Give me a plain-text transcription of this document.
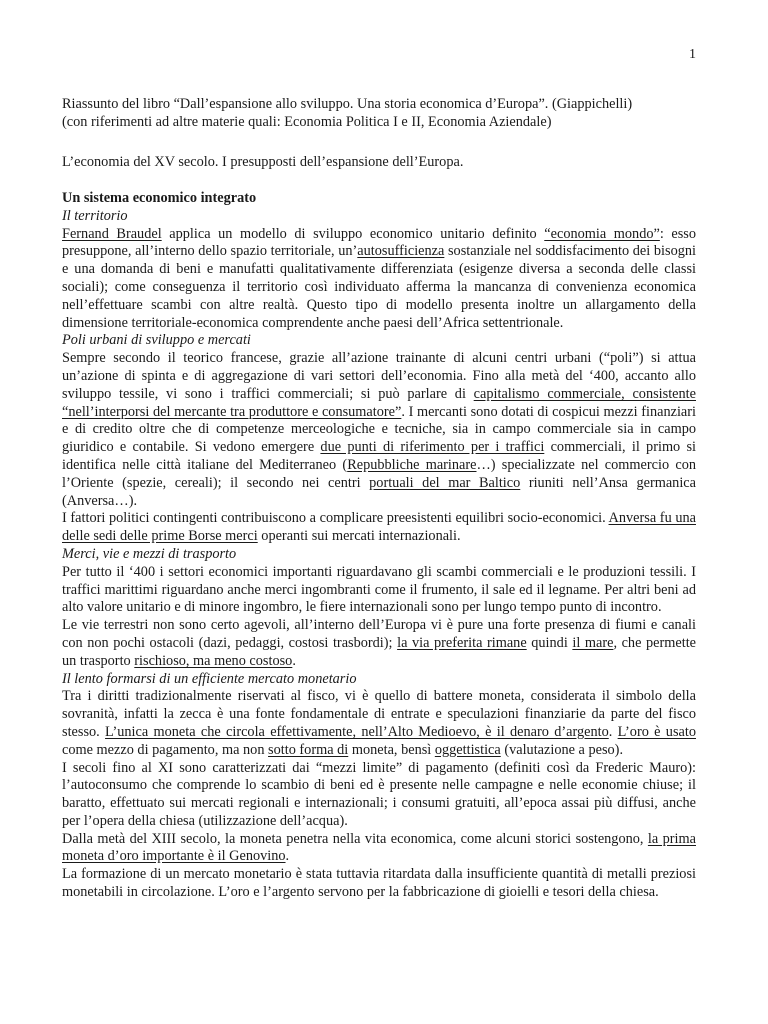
1
Riassunto del libro “Dall’espansione allo sviluppo. Una storia economica d’Europa”. (Giappichelli)
(con riferimenti ad altre materie quali: Economia Politica I e II, Economia Aziendale)
L’economia del XV secolo. I presupposti dell’espansione dell’Europa.
Un sistema economico integrato
Il territorio

Fernand Braudel applica un modello di sviluppo economico unitario definito “economia mondo”: esso presuppone, all’interno dello spazio territoriale, un’autosufficienza sostanziale nel soddisfacimento dei bisogni e una domanda di beni e manufatti qualitativamente differenziata (esigenze diversa a seconda delle classi sociali); come conseguenza il territorio così individuato afferma la mancanza di convenienza economica nell’effettuare scambi con altre realtà. Questo tipo di modello presenta inoltre un allargamento della dimensione territoriale-economica comprendente anche paesi dell’Africa settentrionale.

Poli urbani di sviluppo e mercati

Sempre secondo il teorico francese, grazie all’azione trainante di alcuni centri urbani (“poli”) si attua un’azione di spinta e di aggregazione di vari settori dell’economia. Fino alla metà del ‘400, accanto allo sviluppo tessile, vi sono i traffici commerciali; si può parlare di capitalismo commerciale, consistente “nell’interporsi del mercante tra produttore e consumatore”. I mercanti sono dotati di cospicui mezzi finanziari e di credito oltre che di competenze merceologiche e tecniche, sia in campo commerciale sia in campo giuridico e contabile. Si vedono emergere due punti di riferimento per i traffici commerciali, il primo si identifica nelle città italiane del Mediterraneo (Repubbliche marinare…) specializzate nel commercio con l’Oriente (spezie, cereali); il secondo nei centri portuali del mar Baltico riuniti nell’Ansa germanica (Anversa…).

I fattori politici contingenti contribuiscono a complicare preesistenti equilibri socio-economici. Anversa fu una delle sedi delle prime Borse merci operanti sui mercati internazionali.

Merci, vie e mezzi di trasporto

Per tutto il ‘400 i settori economici importanti riguardavano gli scambi commerciali e le produzioni tessili. I traffici marittimi riguardano anche merci ingombranti come il frumento, il sale ed il legname. Per altri beni ad alto valore unitario e di minore ingombro, le fiere internazionali sono per lungo tempo punto di incontro.

Le vie terrestri non sono certo agevoli, all’interno dell’Europa vi è pure una forte presenza di fiumi e canali con non pochi ostacoli (dazi, pedaggi, costosi trasbordi); la via preferita rimane quindi il mare, che permette un trasporto rischioso, ma meno costoso.

Il lento formarsi di un efficiente mercato monetario

Tra i diritti tradizionalmente riservati al fisco, vi è quello di battere moneta, considerata il simbolo della sovranità, infatti la zecca è una fonte fondamentale di entrate e speculazioni finanziarie da parte del fisco stesso. L’unica moneta che circola effettivamente, nell’Alto Medioevo, è il denaro d’argento. L’oro è usato come mezzo di pagamento, ma non sotto forma di moneta, bensì oggettistica (valutazione a peso).

I secoli fino al XI sono caratterizzati dai “mezzi limite” di pagamento (definiti così da Frederic Mauro): l’autoconsumo che comprende lo scambio di beni ed è presente nelle campagne e nelle economie chiuse; il baratto, effettuato sui mercati regionali e internazionali; i consumi gratuiti, all’epoca assai più diffusi, anche per l’opera della chiesa (utilizzazione dell’acqua).

Dalla metà del XIII secolo, la moneta penetra nella vita economica, come alcuni storici sostengono, la prima moneta d’oro importante è il Genovino.

La formazione di un mercato monetario è stata tuttavia ritardata dalla insufficiente quantità di metalli preziosi monetabili in circolazione. L’oro e l’argento servono per la fabbricazione di gioielli e tesori della chiesa.
